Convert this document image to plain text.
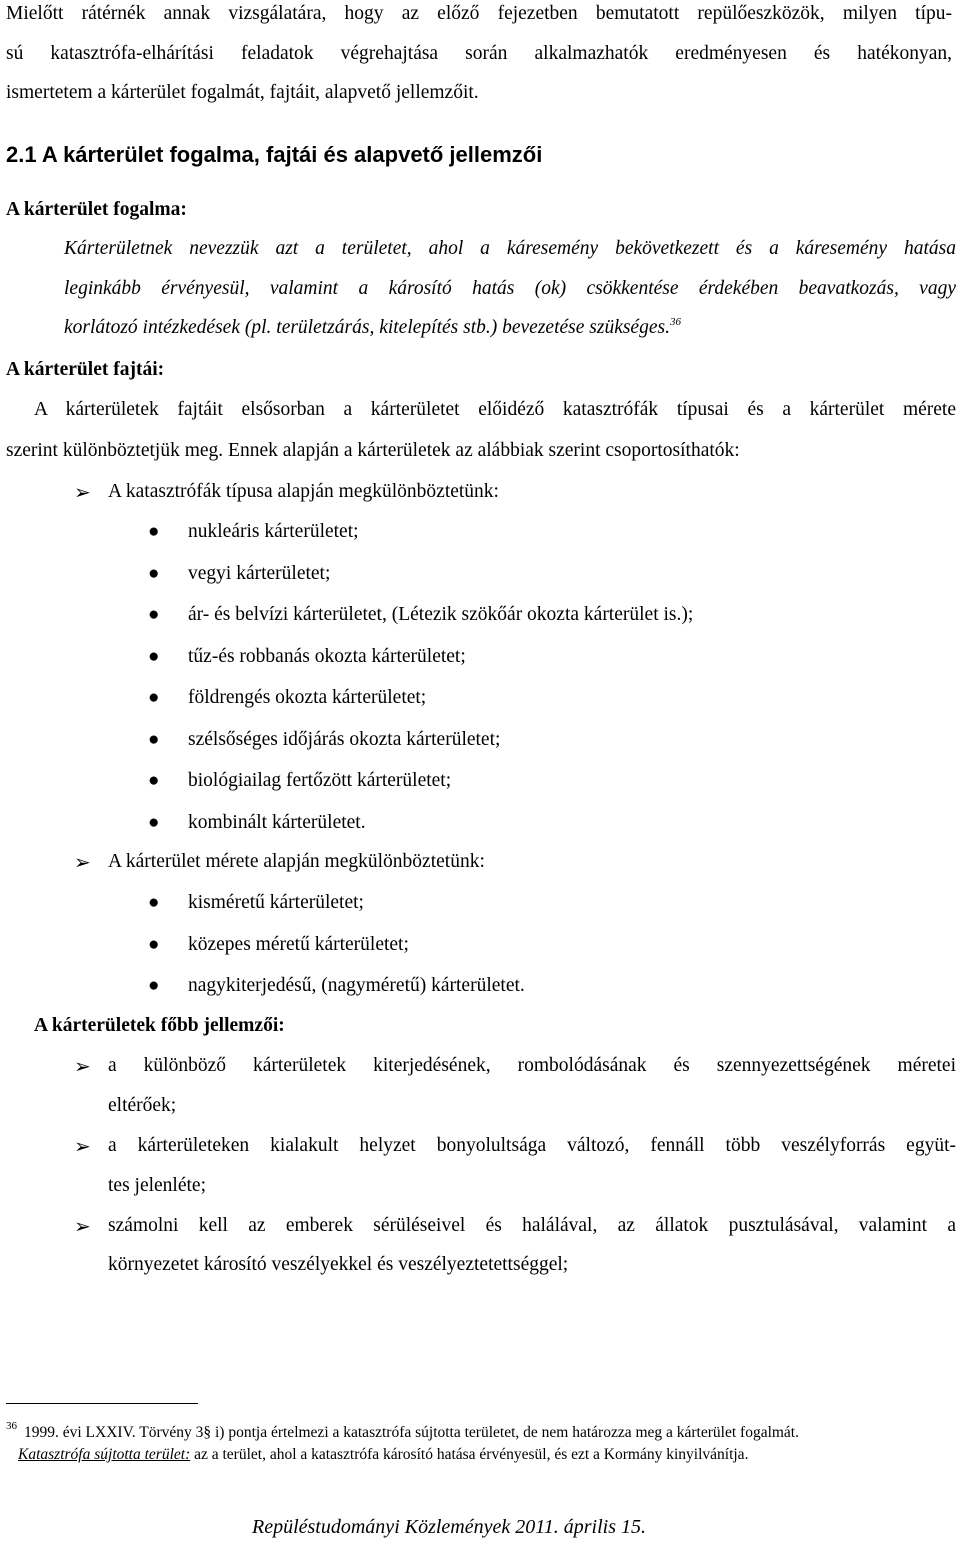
Mielőtt rátérnék annak vizsgálatára, hogy az előző fejezetben bemutatott repülőeszközök, milyen típu-
sú katasztrófa-elhárítási feladatok végrehajtása során alkalmazhatók eredményesen és hatékonyan,
ismertetem a kárterület fogalmát, fajtáit, alapvető jellemzőit.
2.1 A kárterület fogalma, fajtái és alapvető jellemzői
A kárterület fogalma:
Kárterületnek nevezzük azt a területet, ahol a káresemény bekövetkezett és a káresemény hatása
leginkább érvényesül, valamint a károsító hatás (ok) csökkentése érdekében beavatkozás, vagy
korlátozó intézkedések (pl. területzárás, kitelepítés stb.) bevezetése szükséges.$^{36}$
A kárterület fajtái:
A kárterületek fajtáit elsősorban a kárterületet előidéző katasztrófák típusai és a kárterület mérete
szerint különböztetjük meg. Ennek alapján a kárterületek az alábbiak szerint csoportosíthatók:
➢ A katasztrófák típusa alapján megkülönböztetünk:
● nukleáris kárterületet;
● vegyi kárterületet;
● ár- és belvízi kárterületet, (Létezik szökőár okozta kárterület is.);
● tűz-és robbanás okozta kárterületet;
● földrengés okozta kárterületet;
● szélsőséges időjárás okozta kárterületet;
● biológiailag fertőzött kárterületet;
● kombinált kárterületet.
➢ A kárterület mérete alapján megkülönböztetünk:
● kisméretű kárterületet;
● közepes méretű kárterületet;
● nagykiterjedésű, (nagyméretű) kárterületet.
A kárterületek főbb jellemzői:
➢ a különböző kárterületek kiterjedésének, rombolódásának és szennyezettségének méretei
eltérőek;
➢ a kárterületeken kialakult helyzet bonyolultsága változó, fennáll több veszélyforrás együt-
tes jelenléte;
➢ számolni kell az emberek sérüléseivel és halálával, az állatok pusztulásával, valamint a
környezetet károsító veszélyekkel és veszélyeztetettséggel;
$^{36}$ 1999. évi LXXIV. Törvény 3§ i) pontja értelmezi a katasztrófa sújtotta területet, de nem határozza meg a kárterület fogalmát.
Katasztrófa sújtotta terület: az a terület, ahol a katasztrófa károsító hatása érvényesül, és ezt a Kormány kinyilvánítja.
Repüléstudományi Közlemények 2011. április 15.
